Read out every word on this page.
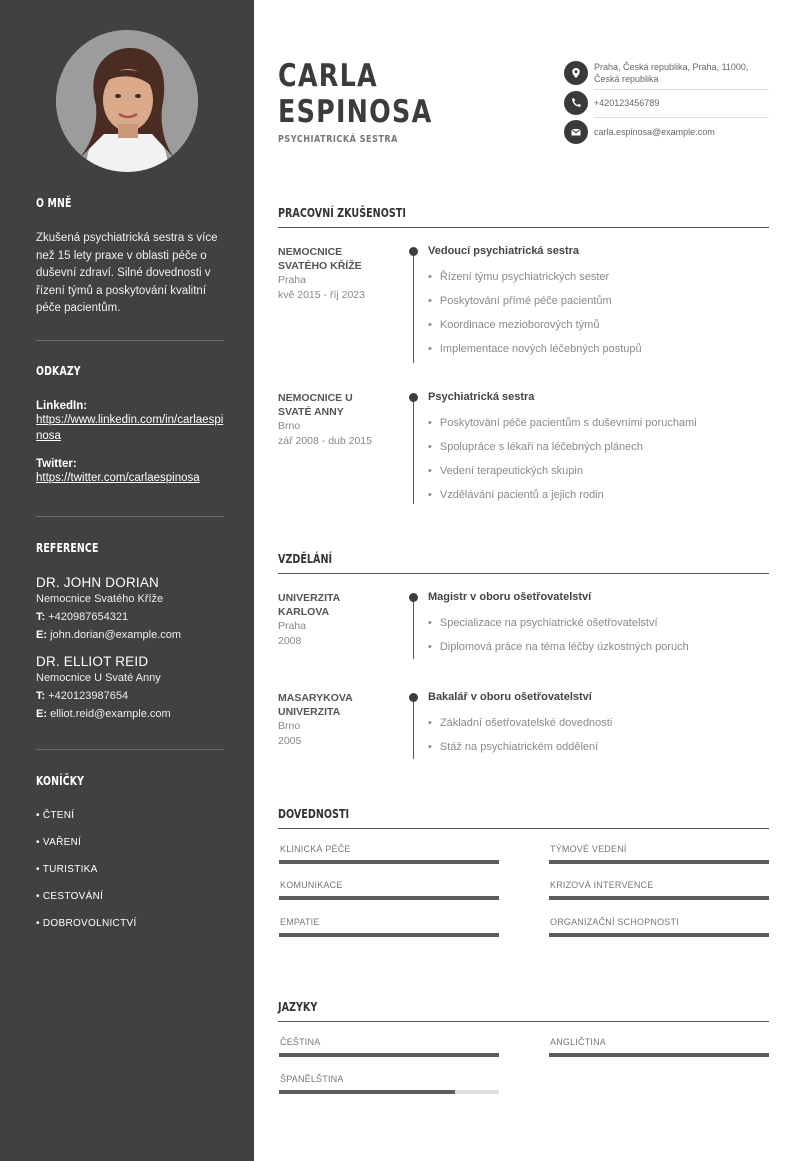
O MNĚ
Zkušená psychiatrická sestra s více než 15 lety praxe v oblasti péče o duševní zdraví. Silné dovednosti v řízení týmů a poskytování kvalitní péče pacientům.
ODKAZY
LinkedIn:
https://www.linkedin.com/in/carlaespinosa
Twitter:
https://twitter.com/carlaespinosa
REFERENCE
DR. JOHN DORIAN
Nemocnice Svatého Kříže
T: +420987654321
E: john.dorian@example.com
DR. ELLIOT REID
Nemocnice U Svaté Anny
T: +420123987654
E: elliot.reid@example.com
KONÍČKY
• ČTENÍ
• VAŘENÍ
• TURISTIKA
• CESTOVÁNÍ
• DOBROVOLNICTVÍ
CARLA
ESPINOSA
PSYCHIATRICKÁ SESTRA
Praha, Česká republika, Praha, 11000, Česká republika
+420123456789
carla.espinosa@example.com
PRACOVNÍ ZKUŠENOSTI
NEMOCNICE SVATÉHO KŘÍŽE
Praha
kvě 2015 - říj 2023
Vedoucí psychiatrická sestra
• Řízení týmu psychiatrických sester
• Poskytování přímé péče pacientům
• Koordinace mezioborových týmů
• Implementace nových léčebných postupů
NEMOCNICE U SVATÉ ANNY
Brno
zář 2008 - dub 2015
Psychiatrická sestra
• Poskytování péče pacientům s duševními poruchami
• Spolupráce s lékaři na léčebných plánech
• Vedení terapeutických skupin
• Vzdělávání pacientů a jejich rodin
VZDĚLÁNÍ
UNIVERZITA KARLOVA
Praha
2008
Magistr v oboru ošetřovatelství
• Specializace na psychiatrické ošetřovatelství
• Diplomová práce na téma léčby úzkostných poruch
MASARYKOVA UNIVERZITA
Brno
2005
Bakalář v oboru ošetřovatelství
• Základní ošetřovatelské dovednosti
• Stáž na psychiatrickém oddělení
DOVEDNOSTI
KLINICKÁ PÉČE	TÝMOVÉ VEDENÍ
KOMUNIKACE	KRIZOVÁ INTERVENCE
EMPATIE	ORGANIZAČNÍ SCHOPNOSTI
JAZYKY
ČEŠTINA	ANGLIČTINA
ŠPANĚLŠTINA
